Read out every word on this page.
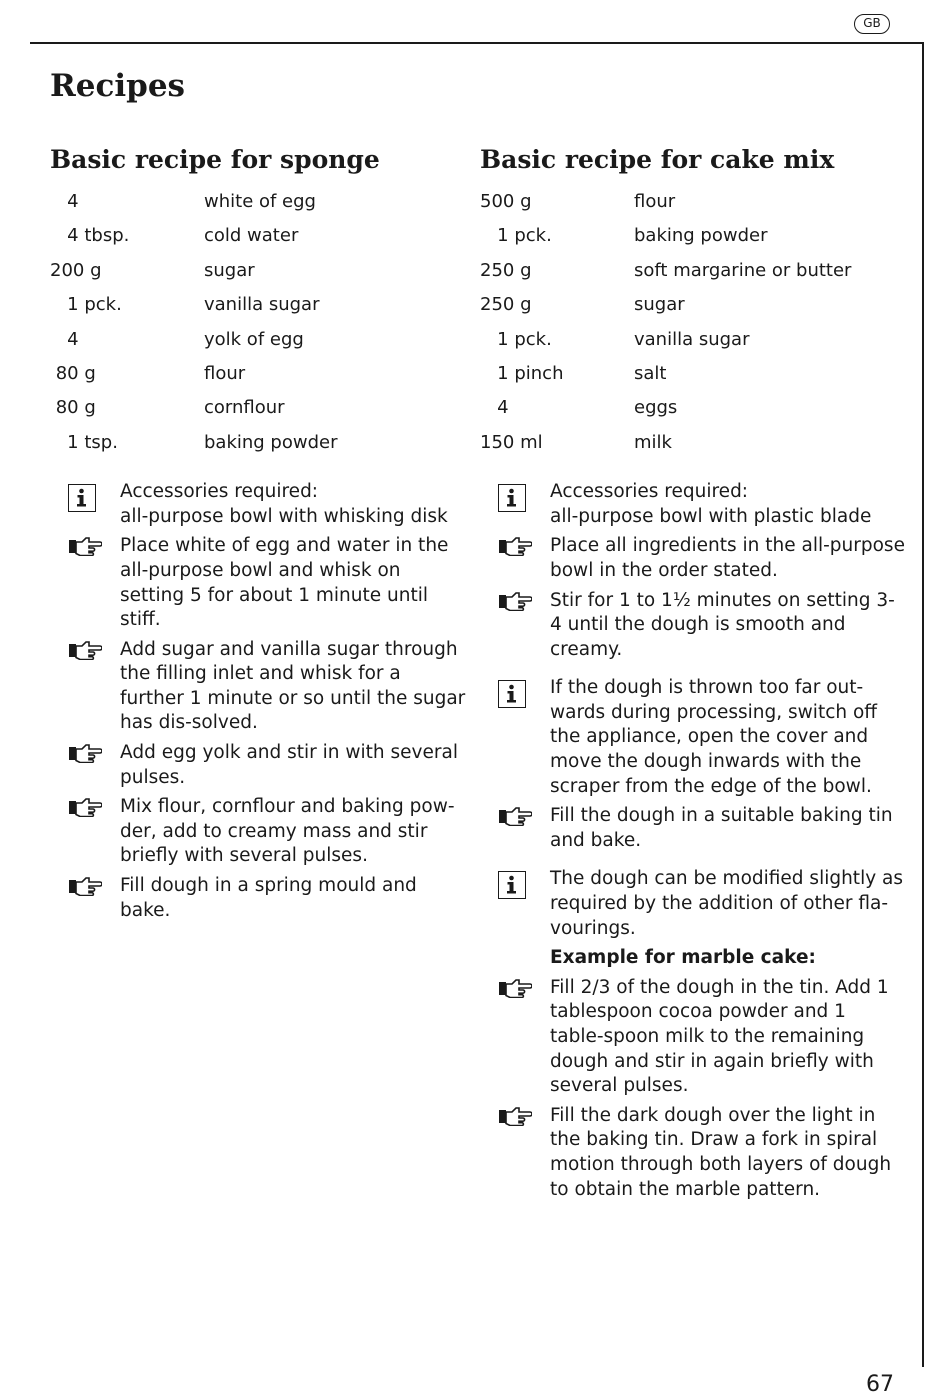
GB
Recipes
Basic recipe for sponge
4	white of egg
4 tbsp.	cold water
200 g	sugar
1 pck.	vanilla sugar
4	yolk of egg
80 g	flour
80 g	cornflour
1 tsp.	baking powder

Accessories required:
all-purpose bowl with whisking disk

Place white of egg and water in the all-purpose bowl and whisk on setting 5 for about 1 minute until stiff.

Add sugar and vanilla sugar through the filling inlet and whisk for a further 1 minute or so until the sugar has dis-solved.

Add egg yolk and stir in with several pulses.

Mix flour, cornflour and baking pow-der, add to creamy mass and stir briefly with several pulses.

Fill dough in a spring mould and bake.

Basic recipe for cake mix
500 g	flour
1 pck.	baking powder
250 g	soft margarine or butter
250 g	sugar
1 pck.	vanilla sugar
1 pinch	salt
4	eggs
150 ml	milk

Accessories required:
all-purpose bowl with plastic blade

Place all ingredients in the all-purpose bowl in the order stated.

Stir for 1 to 1½ minutes on setting 3-4 until the dough is smooth and creamy.

If the dough is thrown too far out-wards during processing, switch off the appliance, open the cover and move the dough inwards with the scraper from the edge of the bowl.

Fill the dough in a suitable baking tin and bake.

The dough can be modified slightly as required by the addition of other fla-vourings.

Example for marble cake:

Fill 2/3 of the dough in the tin. Add 1 tablespoon cocoa powder and 1 table-spoon milk to the remaining dough and stir in again briefly with several pulses.

Fill the dark dough over the light in the baking tin. Draw a fork in spiral motion through both layers of dough to obtain the marble pattern.

67
